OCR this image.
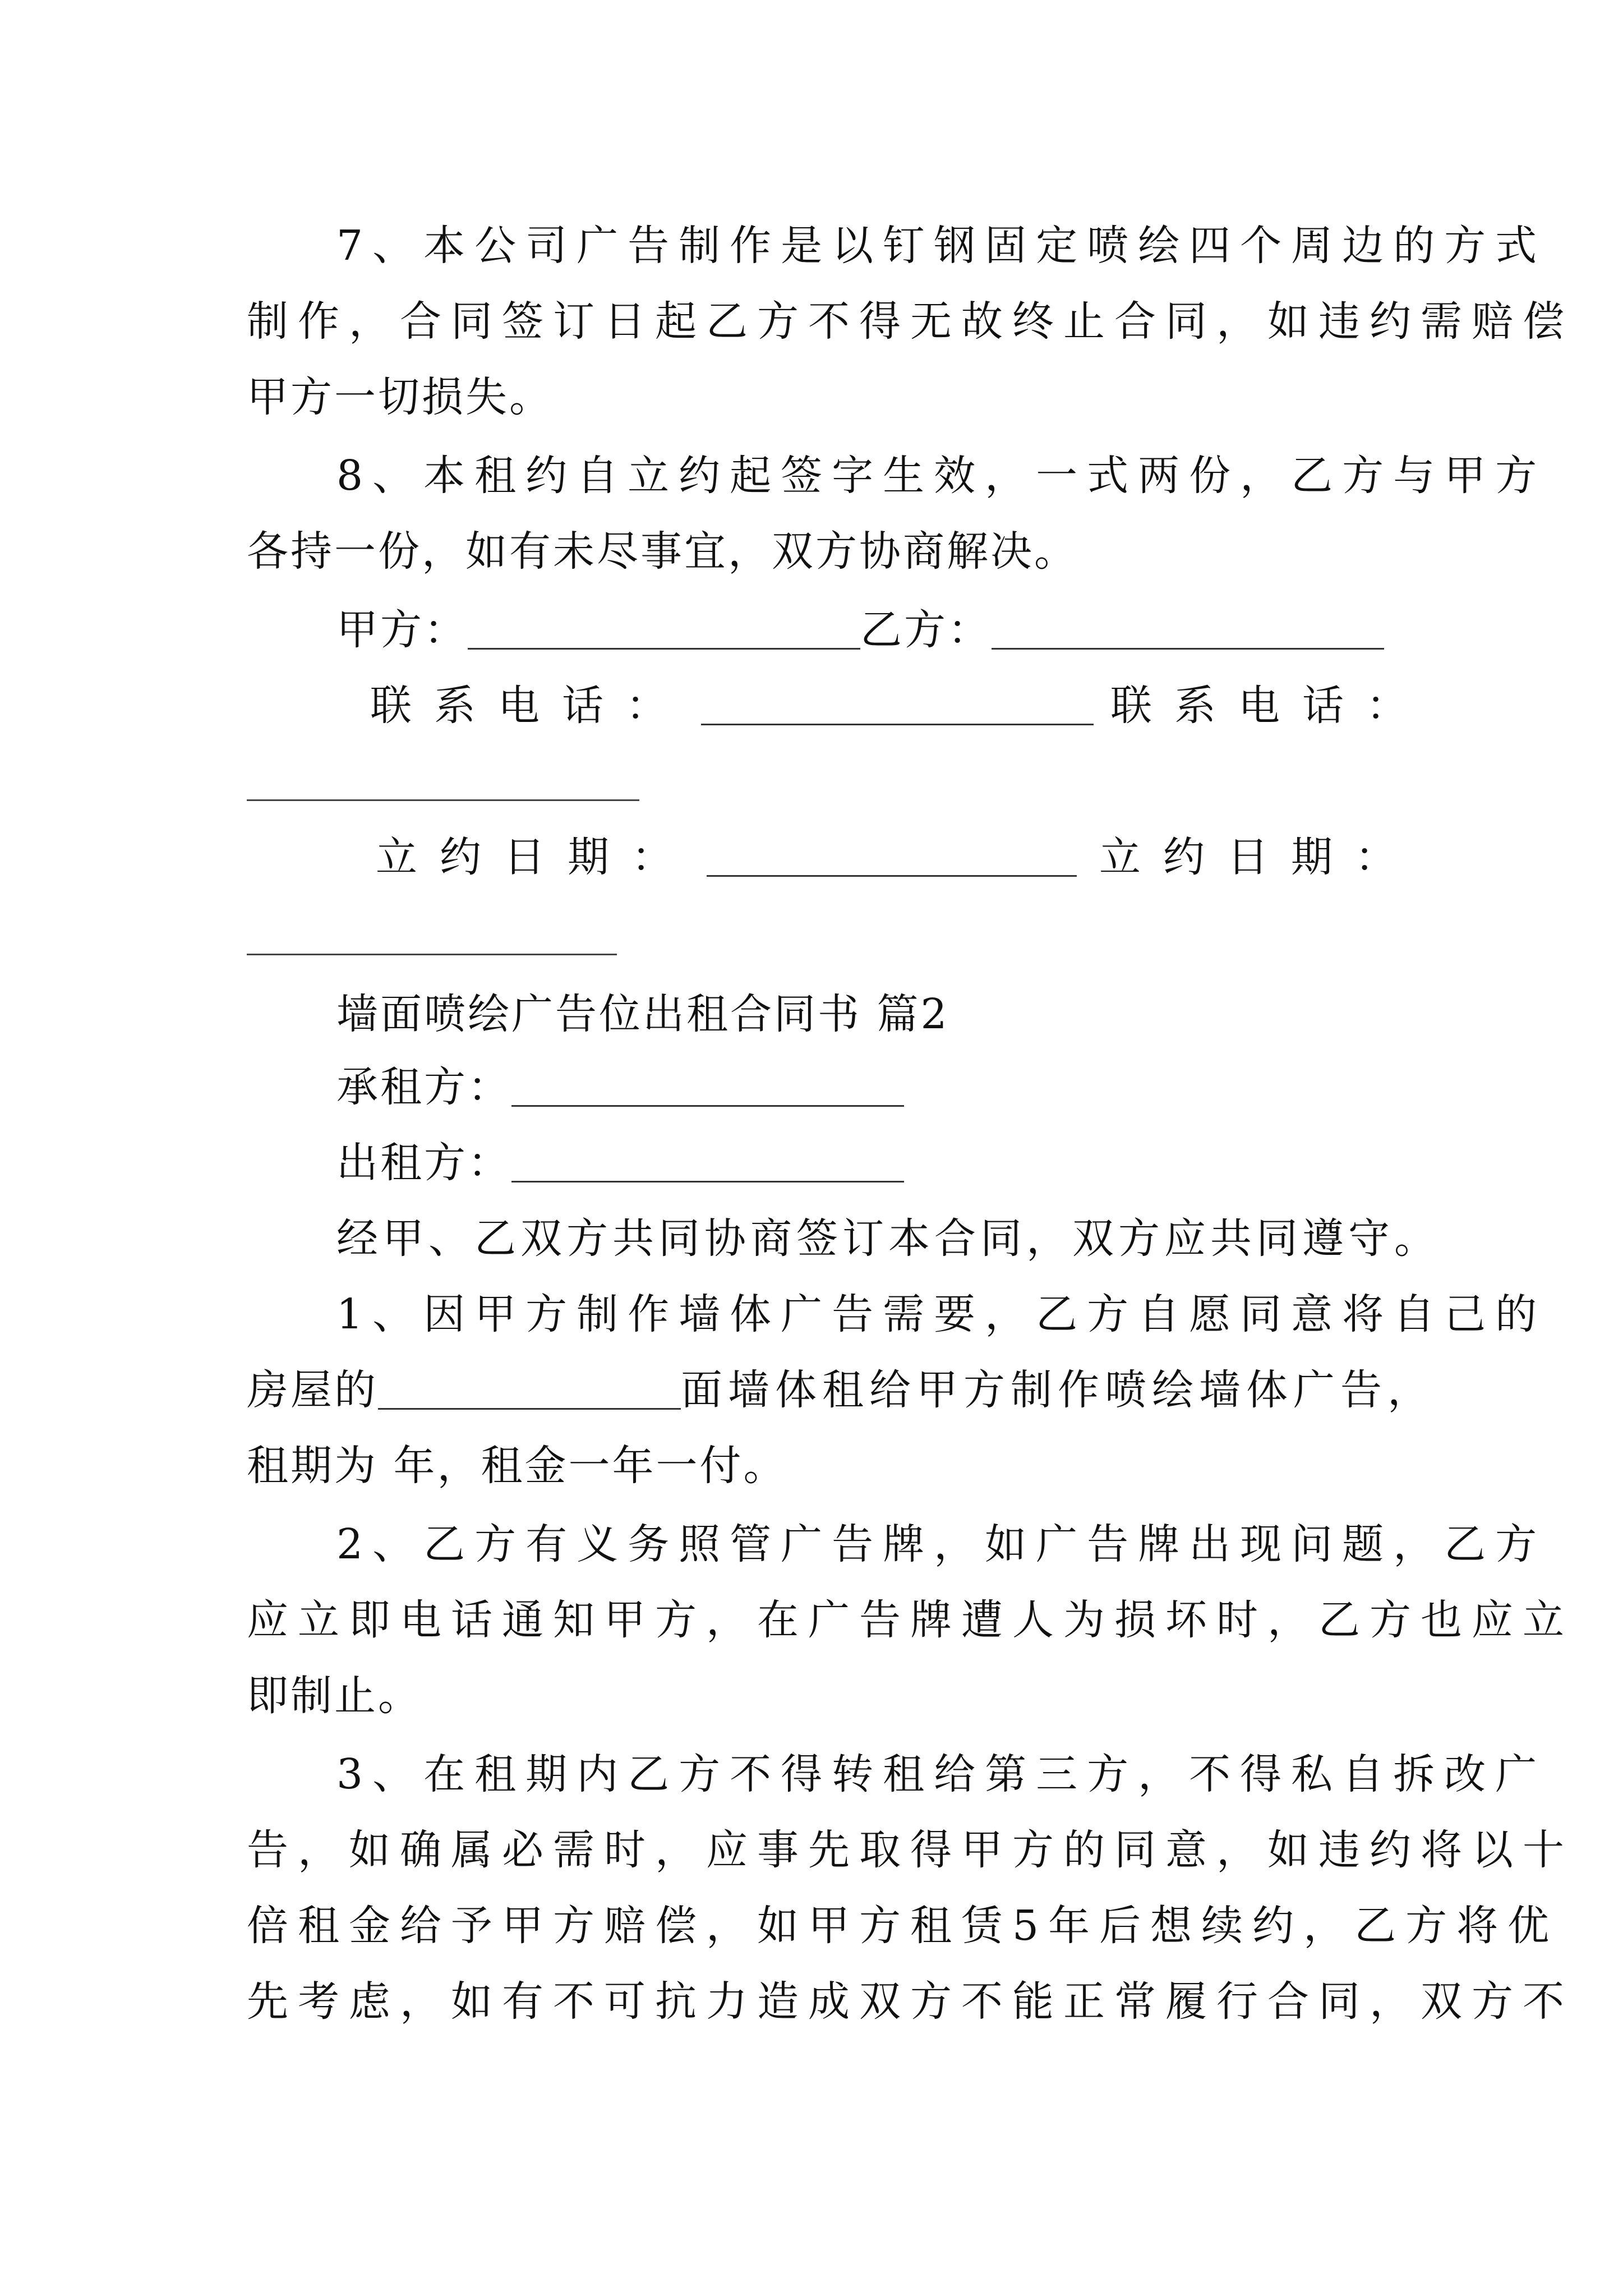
7、本公司广告制作是以钉钢固定喷绘四个周边的方式
制作，合同签订日起乙方不得无故终止合同，如违约需赔偿
甲方一切损失。
8、本租约自立约起签字生效，一式两份，乙方与甲方
各持一份，如有未尽事宜，双方协商解决。
甲方：	乙方：
联系电话：	联系电话：
立约日期：	立约日期：
墙面喷绘广告位出租合同书 篇2
承租方：
出租方：
经甲、乙双方共同协商签订本合同，双方应共同遵守。
1、因甲方制作墙体广告需要，乙方自愿同意将自己的
房屋的	面墙体租给甲方制作喷绘墙体广告，
租期为 年，租金一年一付。
2、乙方有义务照管广告牌，如广告牌出现问题，乙方
应立即电话通知甲方，在广告牌遭人为损坏时，乙方也应立
即制止。
3、在租期内乙方不得转租给第三方，不得私自拆改广
告，如确属必需时，应事先取得甲方的同意，如违约将以十
倍租金给予甲方赔偿，如甲方租赁5年后想续约，乙方将优
先考虑，如有不可抗力造成双方不能正常履行合同，双方不
